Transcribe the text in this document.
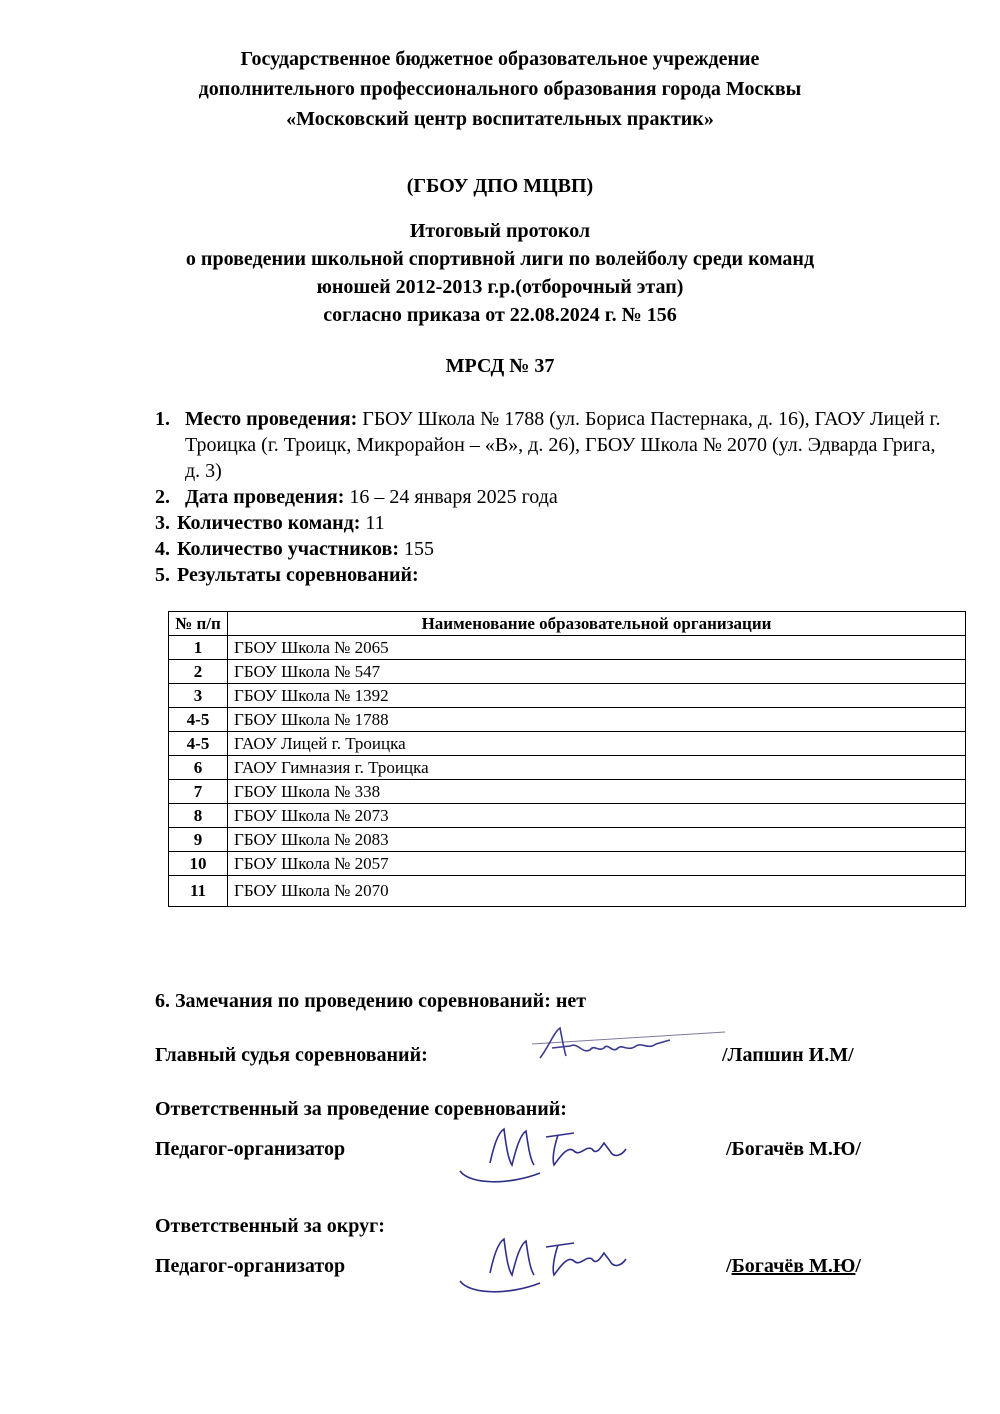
Государственное бюджетное образовательное учреждение
дополнительного профессионального образования города Москвы
«Московский центр воспитательных практик»
(ГБОУ ДПО МЦВП)
Итоговый протокол
о проведении школьной спортивной лиги по волейболу среди команд
юношей 2012-2013 г.р.(отборочный этап)
согласно приказа от 22.08.2024 г. № 156
МРСД № 37
1. Место проведения: ГБОУ Школа № 1788 (ул. Бориса Пастернака, д. 16), ГАОУ Лицей г. Троицка (г. Троицк, Микрорайон – «В», д. 26), ГБОУ Школа № 2070 (ул. Эдварда Грига, д. 3)
2. Дата проведения: 16 – 24 января 2025 года
3. Количество команд: 11
4. Количество участников: 155
5. Результаты соревнований:
№ п/п	Наименование образовательной организации
1	ГБОУ Школа № 2065
2	ГБОУ Школа № 547
3	ГБОУ Школа № 1392
4-5	ГБОУ Школа № 1788
4-5	ГАОУ Лицей г. Троицка
6	ГАОУ Гимназия г. Троицка
7	ГБОУ Школа № 338
8	ГБОУ Школа № 2073
9	ГБОУ Школа № 2083
10	ГБОУ Школа № 2057
11	ГБОУ Школа № 2070
6. Замечания по проведению соревнований: нет
Главный судья соревнований:	Лапш	/Лапшин И.М/
Ответственный за проведение соревнований:
Педагог-организатор
М.Богач
/Богачёв М.Ю/
Ответственный за округ:
Педагог-организатор	/Богачёв М.Ю/
